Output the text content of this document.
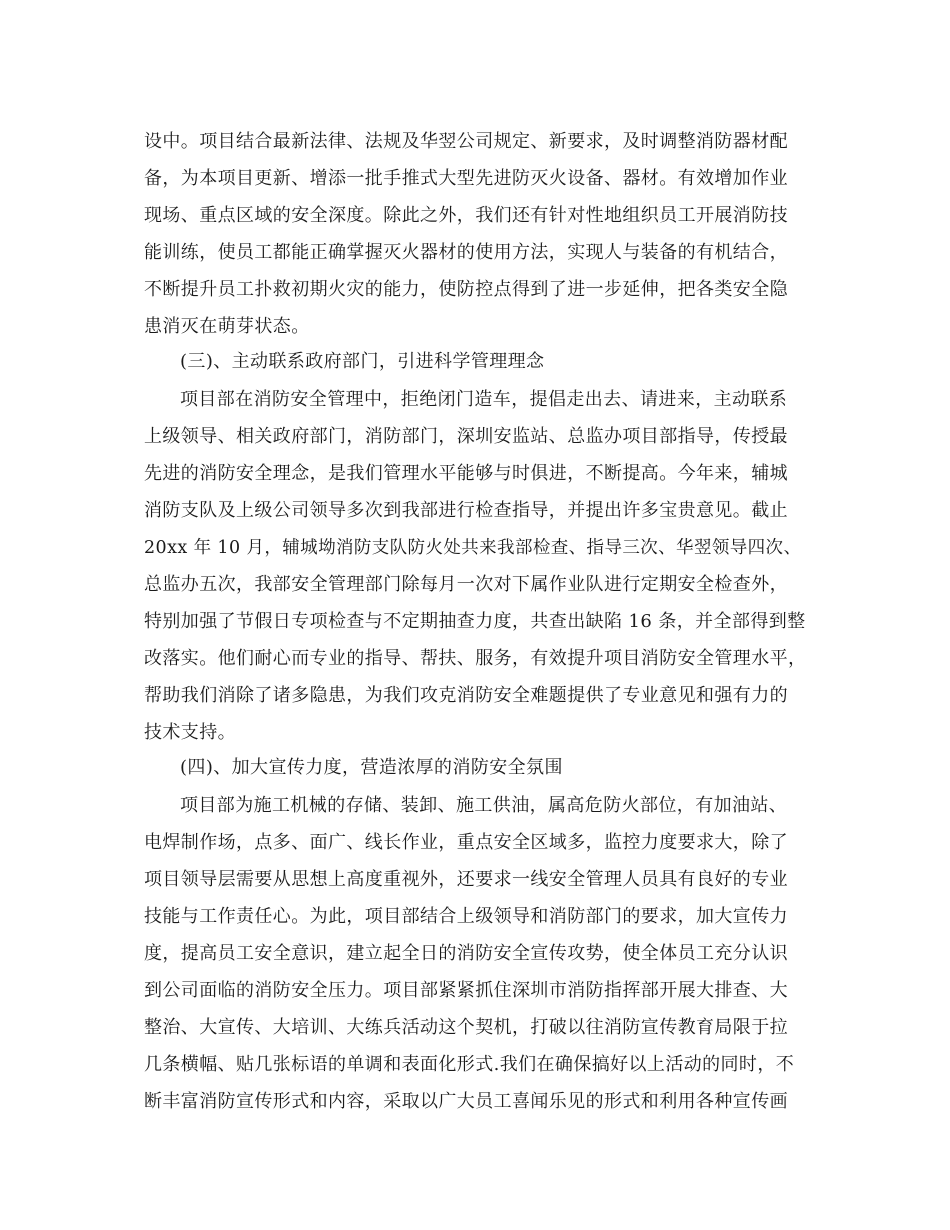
设中。项目结合最新法律、法规及华翌公司规定、新要求，及时调整消防器材配
备，为本项目更新、增添一批手推式大型先进防灭火设备、器材。有效增加作业
现场、重点区域的安全深度。除此之外，我们还有针对性地组织员工开展消防技
能训练，使员工都能正确掌握灭火器材的使用方法，实现人与装备的有机结合，
不断提升员工扑救初期火灾的能力，使防控点得到了进一步延伸，把各类安全隐
患消灭在萌芽状态。
(三)、主动联系政府部门，引进科学管理理念
项目部在消防安全管理中，拒绝闭门造车，提倡走出去、请进来，主动联系
上级领导、相关政府部门，消防部门，深圳安监站、总监办项目部指导，传授最
先进的消防安全理念，是我们管理水平能够与时俱进，不断提高。今年来，辅城
消防支队及上级公司领导多次到我部进行检查指导，并提出许多宝贵意见。截止
20xx 年 10 月，辅城坳消防支队防火处共来我部检查、指导三次、华翌领导四次、
总监办五次，我部安全管理部门除每月一次对下属作业队进行定期安全检查外，
特别加强了节假日专项检查与不定期抽查力度，共查出缺陷 16 条，并全部得到整
改落实。他们耐心而专业的指导、帮扶、服务，有效提升项目消防安全管理水平，
帮助我们消除了诸多隐患，为我们攻克消防安全难题提供了专业意见和强有力的
技术支持。
(四)、加大宣传力度，营造浓厚的消防安全氛围
项目部为施工机械的存储、装卸、施工供油，属高危防火部位，有加油站、
电焊制作场，点多、面广、线长作业，重点安全区域多，监控力度要求大，除了
项目领导层需要从思想上高度重视外，还要求一线安全管理人员具有良好的专业
技能与工作责任心。为此，项目部结合上级领导和消防部门的要求，加大宣传力
度，提高员工安全意识，建立起全日的消防安全宣传攻势，使全体员工充分认识
到公司面临的消防安全压力。项目部紧紧抓住深圳市消防指挥部开展大排查、大
整治、大宣传、大培训、大练兵活动这个契机，打破以往消防宣传教育局限于拉
几条横幅、贴几张标语的单调和表面化形式.我们在确保搞好以上活动的同时，不
断丰富消防宣传形式和内容，采取以广大员工喜闻乐见的形式和利用各种宣传画
